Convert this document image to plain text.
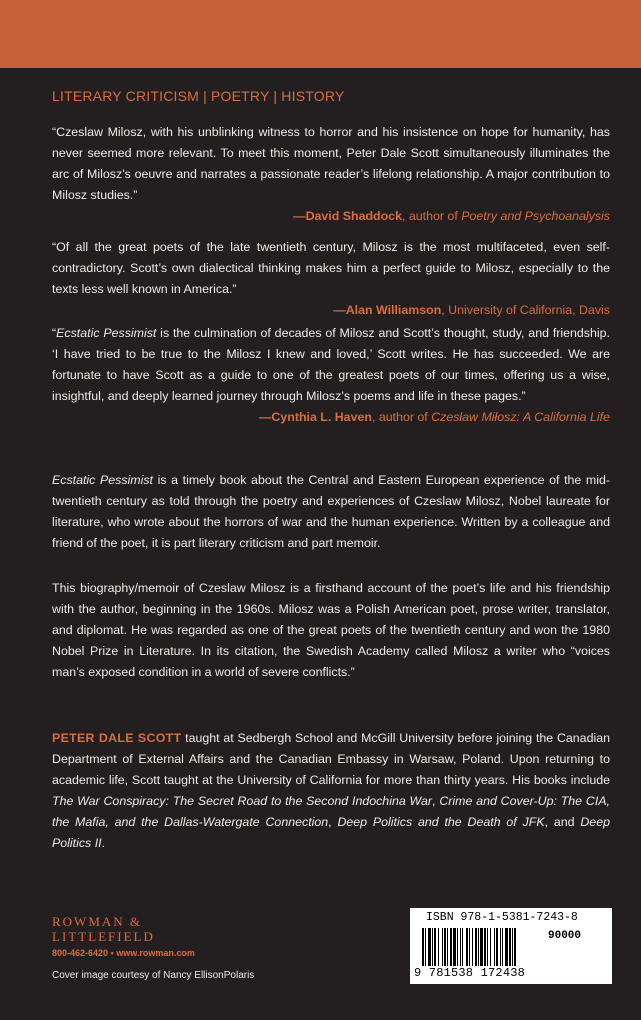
LITERARY CRITICISM | POETRY | HISTORY
“Czeslaw Milosz, with his unblinking witness to horror and his insistence on hope for humanity, has never seemed more relevant. To meet this moment, Peter Dale Scott simultaneously illuminates the arc of Milosz’s oeuvre and narrates a passionate reader’s lifelong relationship. A major contribution to Milosz studies.”
—David Shaddock, author of Poetry and Psychoanalysis
“Of all the great poets of the late twentieth century, Milosz is the most multifaceted, even self-contradictory. Scott’s own dialectical thinking makes him a perfect guide to Milosz, especially to the texts less well known in America.”
—Alan Williamson, University of California, Davis
“Ecstatic Pessimist is the culmination of decades of Milosz and Scott’s thought, study, and friendship. ‘I have tried to be true to the Milosz I knew and loved,’ Scott writes. He has succeeded. We are fortunate to have Scott as a guide to one of the greatest poets of our times, offering us a wise, insightful, and deeply learned journey through Milosz’s poems and life in these pages.”
—Cynthia L. Haven, author of Czesław Miłosz: A California Life
Ecstatic Pessimist is a timely book about the Central and Eastern European experience of the mid-twentieth century as told through the poetry and experiences of Czeslaw Milosz, Nobel laureate for literature, who wrote about the horrors of war and the human experience. Written by a colleague and friend of the poet, it is part literary criticism and part memoir.
This biography/memoir of Czeslaw Milosz is a firsthand account of the poet’s life and his friendship with the author, beginning in the 1960s. Milosz was a Polish American poet, prose writer, translator, and diplomat. He was regarded as one of the great poets of the twentieth century and won the 1980 Nobel Prize in Literature. In its citation, the Swedish Academy called Milosz a writer who “voices man’s exposed condition in a world of severe conflicts.”
PETER DALE SCOTT taught at Sedbergh School and McGill University before joining the Canadian Department of External Affairs and the Canadian Embassy in Warsaw, Poland. Upon returning to academic life, Scott taught at the University of California for more than thirty years. His books include The War Conspiracy: The Secret Road to the Second Indochina War, Crime and Cover-Up: The CIA, the Mafia, and the Dallas-Watergate Connection, Deep Politics and the Death of JFK, and Deep Politics II.
ROWMAN &
LITTLEFIELD
800-462-6420 • www.rowman.com
Cover image courtesy of Nancy EllisonPolaris
ISBN 978-1-5381-7243-8
90000
9 781538 172438
